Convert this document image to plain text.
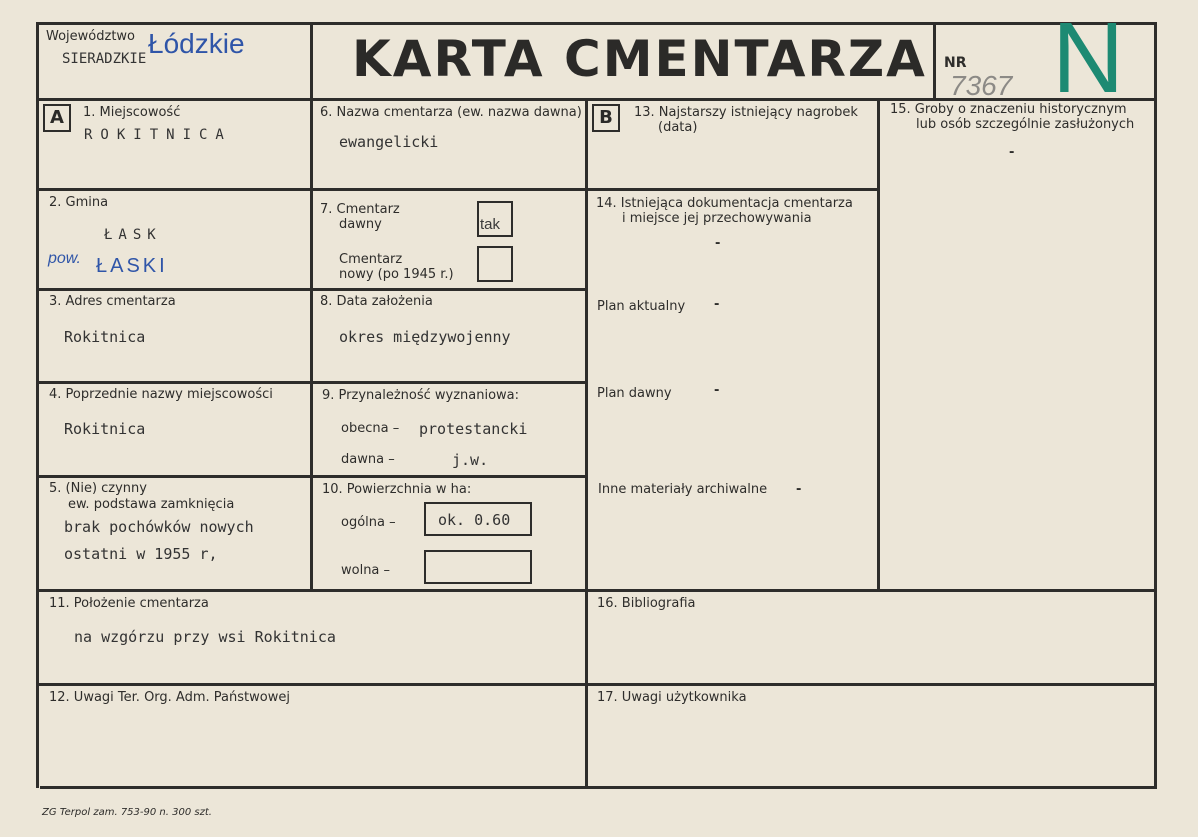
Województwo
SIERADZKIE Łódzkie KARTA CMENTARZA NR
7367 N
A	B
1. Miejscowość
ROKITNICA
2. Gmina
ŁASK
pow. ŁASKI
3. Adres cmentarza
Rokitnica
4. Poprzednie nazwy miejscowości
Rokitnica
5. (Nie) czynny
ew. podstawa zamknięcia
brak pochówków nowych
ostatni w 1955 r,
6. Nazwa cmentarza (ew. nazwa dawna)
ewangelicki
7. Cmentarz
dawny	tak
Cmentarz
nowy (po 1945 r.)
8. Data założenia
okres międzywojenny
9. Przynależność wyznaniowa:
obecna – protestancki
dawna –	j.w.
10. Powierzchnia w ha:
ogólna –	ok. 0.60
wolna –
11. Położenie cmentarza
na wzgórzu przy wsi Rokitnica
12. Uwagi Ter. Org. Adm. Państwowej
13. Najstarszy istniejący nagrobek
(data)
14. Istniejąca dokumentacja cmentarza
i miejsce jej przechowywania
-
Plan aktualny -
Plan dawny	-
Inne materiały archiwalne -
15. Groby o znaczeniu historycznym
lub osób szczególnie zasłużonych
-
16. Bibliografia
17. Uwagi użytkownika
ZG Terpol zam. 753-90 n. 300 szt.
